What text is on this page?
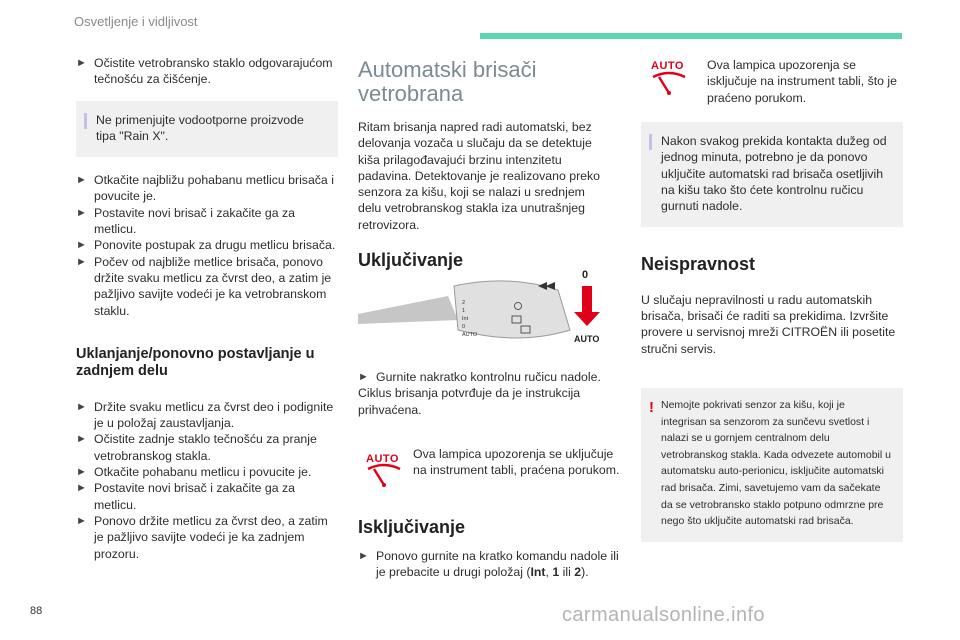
Osvetljenje i vidljivost
► Očistite vetrobransko staklo odgovarajućom tečnošću za čišćenje.
Ne primenjujte vodootporne proizvode tipa "Rain X".
► Otkačite najbližu pohabanu metlicu brisača i povucite je.
► Postavite novi brisač i zakačite ga za metlicu.
► Ponovite postupak za drugu metlicu brisača.
► Počev od najbliže metlice brisača, ponovo držite svaku metlicu za čvrst deo, a zatim je pažljivo savijte vodeći je ka vetrobranskom staklu.
Uklanjanje/ponovno postavljanje u zadnjem delu
► Držite svaku metlicu za čvrst deo i podignite je u položaj zaustavljanja.
► Očistite zadnje staklo tečnošću za pranje vetrobranskog stakla.
► Otkačite pohabanu metlicu i povucite je.
► Postavite novi brisač i zakačite ga za metlicu.
► Ponovo držite metlicu za čvrst deo, a zatim je pažljivo savijte vodeći je ka zadnjem prozoru.
Automatski brisači
vetrobrana

Ritam brisanja napred radi automatski, bez delovanja vozača u slučaju da se detektuje kiša prilagođavajući brzinu intenzitetu padavina. Detektovanje je realizovano preko senzora za kišu, koji se nalazi u srednjem delu vetrobranskog stakla iza unutrašnjeg retrovizora.

Uključivanje
2
1
Int
0
AUTO
0
AUTO
► Gurnite nakratko kontrolnu ručicu nadole.

Ciklus brisanja potvrđuje da je instrukcija prihvaćena.

AUTO Ova lampica upozorenja se uključuje na instrument tabli, praćena porukom.
Isključivanje
► Ponovo gurnite na kratko komandu nadole ili je prebacite u drugi položaj (Int, 1 ili 2).
AUTO Ova lampica upozorenja se isključuje na instrument tabli, što je praćeno porukom.
Nakon svakog prekida kontakta dužeg od jednog minuta, potrebno je da ponovo uključite automatski rad brisača osetljivih na kišu tako što ćete kontrolnu ručicu gurnuti nadole.
Neispravnost

U slučaju nepravilnosti u radu automatskih brisača, brisači će raditi sa prekidima. Izvršite provere u servisnoj mreži CITROËN ili posetite stručni servis.

! Nemojte pokrivati senzor za kišu, koji je integrisan sa senzorom za sunčevu svetlost i nalazi se u gornjem centralnom delu vetrobranskog stakla. Kada odvezete automobil u automatsku auto-perionicu, isključite automatski rad brisača. Zimi, savetujemo vam da sačekate da se vetrobransko staklo potpuno odmrzne pre nego što uključite automatski rad brisača.
88	carmanualsonline.info
